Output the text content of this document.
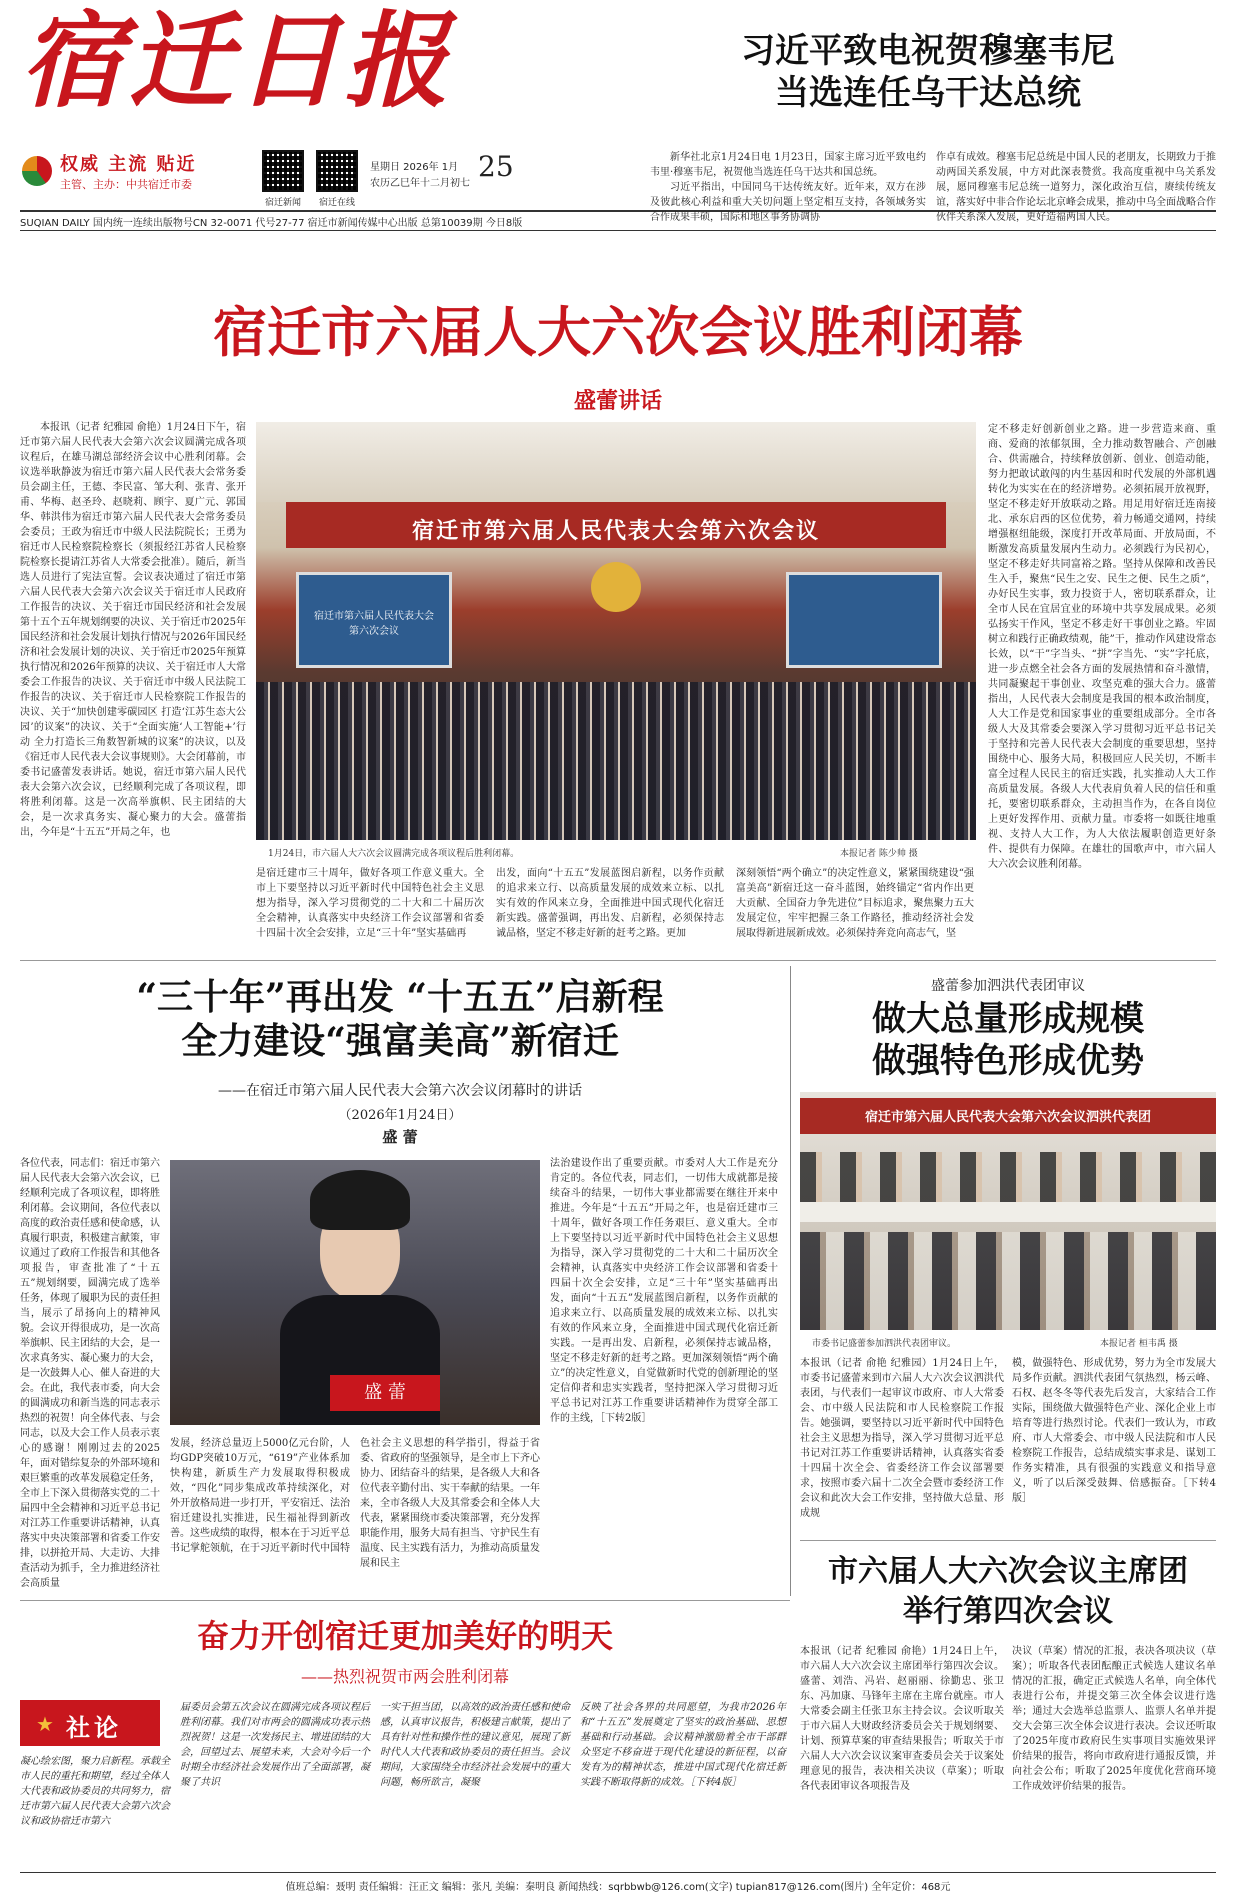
宿迁日报
权威 主流 贴近
主管、主办：中共宿迁市委
宿迁新闻	宿迁在线
星期日 2026年 1月
农历乙巳年十二月初七
25
SUQIAN DAILY 国内统一连续出版物号CN 32-0071 代号27-77 宿迁市新闻传媒中心出版 总第10039期 今日8版
习近平致电祝贺穆塞韦尼
当选连任乌干达总统

新华社北京1月24日电 1月23日，国家主席习近平致电约韦里·穆塞韦尼，祝贺他当选连任乌干达共和国总统。

习近平指出，中国同乌干达传统友好。近年来，双方在涉及彼此核心利益和重大关切问题上坚定相互支持，各领域务实合作成果丰硕，国际和地区事务协调协

作卓有成效。穆塞韦尼总统是中国人民的老朋友，长期致力于推动两国关系发展，中方对此深表赞赏。我高度重视中乌关系发展，愿同穆塞韦尼总统一道努力，深化政治互信，赓续传统友谊，落实好中非合作论坛北京峰会成果，推动中乌全面战略合作伙伴关系深入发展，更好造福两国人民。

宿迁市六届人大六次会议胜利闭幕
盛蕾讲话

本报讯（记者 纪雅园 俞艳）1月24日下午，宿迁市第六届人民代表大会第六次会议圆满完成各项议程后，在雄马湖总部经济会议中心胜利闭幕。会议选举耿静波为宿迁市第六届人民代表大会常务委员会副主任，王德、李民富、邹大利、张青、张开甫、华梅、赵圣玲、赵晓莉、顾宇、夏广元、郭国华、韩洪伟为宿迁市第六届人民代表大会常务委员会委员；王政为宿迁市中级人民法院院长；王勇为宿迁市人民检察院检察长（须报经江苏省人民检察院检察长提请江苏省人大常委会批准）。随后，新当选人员进行了宪法宣誓。会议表决通过了宿迁市第六届人民代表大会第六次会议关于宿迁市人民政府工作报告的决议、关于宿迁市国民经济和社会发展第十五个五年规划纲要的决议、关于宿迁市2025年国民经济和社会发展计划执行情况与2026年国民经济和社会发展计划的决议、关于宿迁市2025年预算执行情况和2026年预算的决议、关于宿迁市人大常委会工作报告的决议、关于宿迁市中级人民法院工作报告的决议、关于宿迁市人民检察院工作报告的决议、关于“加快创建零碳园区 打造‘江苏生态大公园’的议案”的决议、关于“全面实施‘人工智能+’行动 全力打造长三角数智新城的议案”的决议，以及《宿迁市人民代表大会议事规则》。大会闭幕前，市委书记盛蕾发表讲话。她说，宿迁市第六届人民代表大会第六次会议，已经顺利完成了各项议程，即将胜利闭幕。这是一次高举旗帜、民主团结的大会，是一次求真务实、凝心聚力的大会。盛蕾指出，今年是“十五五”开局之年，也

宿迁市第六届人民代表大会第六次会议
宿迁市第六届人民代表大会
第六次会议
1月24日，市六届人大六次会议圆满完成各项议程后胜利闭幕。	本报记者 陈少帅 摄

是宿迁建市三十周年，做好各项工作意义重大。全市上下要坚持以习近平新时代中国特色社会主义思想为指导，深入学习贯彻党的二十大和二十届历次全会精神，认真落实中央经济工作会议部署和省委十四届十次全会安排，立足“三十年”坚实基础再

出发，面向“十五五”发展蓝图启新程，以务作贡献的追求来立行、以高质量发展的成效来立标、以扎实有效的作风来立身，全面推进中国式现代化宿迁新实践。盛蕾强调，再出发、启新程，必须保持志诚品格，坚定不移走好新的赶考之路。更加

深刻领悟“两个确立”的决定性意义，紧紧围绕建设“强富美高”新宿迁这一奋斗蓝图，始终锚定“省内作出更大贡献、全国奋力争先进位”目标追求，聚焦聚力五大发展定位，牢牢把握三条工作路径，推动经济社会发展取得新进展新成效。必须保持奔竞向高志气，坚

定不移走好创新创业之路。进一步营造来商、重商、爱商的浓郁氛围，全力推动数智融合、产创融合、供需融合，持续释放创新、创业、创造动能，努力把敢试敢闯的内生基因和时代发展的外部机遇转化为实实在在的经济增势。必须拓展开放视野，坚定不移走好开放联动之路。用足用好宿迁连南接北、承东启西的区位优势，着力畅通交通网，持续增强枢纽能级，深度打开改革局面、开放局面，不断激发高质量发展内生动力。必须践行为民初心，坚定不移走好共同富裕之路。坚持从保障和改善民生入手，聚焦“民生之安、民生之便、民生之质”，办好民生实事，致力投资于人，密切联系群众，让全市人民在宜居宜业的环境中共享发展成果。必须弘扬实干作风，坚定不移走好干事创业之路。牢固树立和践行正确政绩观，能”干，推动作风建设常态长效，以“干”字当头、“拼”字当先、“实”字托底，进一步点燃全社会各方面的发展热情和奋斗激情，共同凝聚起干事创业、攻坚克难的强大合力。盛蕾指出，人民代表大会制度是我国的根本政治制度，人大工作是党和国家事业的重要组成部分。全市各级人大及其常委会要深入学习贯彻习近平总书记关于坚持和完善人民代表大会制度的重要思想，坚持围绕中心、服务大局，积极回应人民关切，不断丰富全过程人民民主的宿迁实践，扎实推动人大工作高质量发展。各级人大代表肩负着人民的信任和重托，要密切联系群众，主动担当作为，在各自岗位上更好发挥作用、贡献力量。市委将一如既往地重视、支持人大工作，为人大依法履职创造更好条件、提供有力保障。在雄壮的国歌声中，市六届人大六次会议胜利闭幕。

“三十年”再出发 “十五五”启新程
全力建设“强富美高”新宿迁
——在宿迁市第六届人民代表大会第六次会议闭幕时的讲话
（2026年1月24日）
盛 蕾

各位代表，同志们：宿迁市第六届人民代表大会第六次会议，已经顺利完成了各项议程，即将胜利闭幕。会议期间，各位代表以高度的政治责任感和使命感，认真履行职责，积极建言献策，审议通过了政府工作报告和其他各项报告，审查批准了“十五五”规划纲要，圆满完成了选举任务，体现了履职为民的责任担当，展示了昂扬向上的精神风貌。会议开得很成功，是一次高举旗帜、民主团结的大会，是一次求真务实、凝心聚力的大会，是一次鼓舞人心、催人奋进的大会。在此，我代表市委，向大会的圆满成功和新当选的同志表示热烈的祝贺！向全体代表、与会同志，以及大会工作人员表示衷心的感谢！刚刚过去的2025年，面对错综复杂的外部环境和艰巨繁重的改革发展稳定任务，全市上下深入贯彻落实党的二十届四中全会精神和习近平总书记对江苏工作重要讲话精神，认真落实中央决策部署和省委工作安排，以拼抢开局、大走访、大排查活动为抓手，全力推进经济社会高质量

盛 蕾

发展，经济总量迈上5000亿元台阶，人均GDP突破10万元，“619”产业体系加快构建，新质生产力发展取得积极成效，“四化”同步集成改革持续深化，对外开放格局进一步打开，平安宿迁、法治宿迁建设扎实推进，民生福祉得到新改善。这些成绩的取得，根本在于习近平总书记掌舵领航，在于习近平新时代中国特

色社会主义思想的科学指引，得益于省委、省政府的坚强领导，是全市上下齐心协力、团结奋斗的结果，是各级人大和各位代表辛勤付出、实干奉献的结果。一年来，全市各级人大及其常委会和全体人大代表，紧紧围绕市委决策部署，充分发挥职能作用，服务大局有担当、守护民生有温度、民主实践有活力，为推动高质量发展和民主

法治建设作出了重要贡献。市委对人大工作是充分肯定的。各位代表，同志们，一切伟大成就都是接续奋斗的结果，一切伟大事业都需要在继往开来中推进。今年是“十五五”开局之年，也是宿迁建市三十周年，做好各项工作任务艰巨、意义重大。全市上下要坚持以习近平新时代中国特色社会主义思想为指导，深入学习贯彻党的二十大和二十届历次全会精神，认真落实中央经济工作会议部署和省委十四届十次全会安排，立足“三十年”坚实基础再出发，面向“十五五”发展蓝图启新程，以务作贡献的追求来立行、以高质量发展的成效来立标、以扎实有效的作风来立身，全面推进中国式现代化宿迁新实践。一是再出发、启新程，必须保持志诚品格，坚定不移走好新的赶考之路。更加深刻领悟“两个确立”的决定性意义，自觉做新时代党的创新理论的坚定信仰者和忠实实践者，坚持把深入学习贯彻习近平总书记对江苏工作重要讲话精神作为贯穿全部工作的主线，［下转2版］

盛蕾参加泗洪代表团审议
做大总量形成规模
做强特色形成优势
宿迁市第六届人民代表大会第六次会议泗洪代表团
市委书记盛蕾参加泗洪代表团审议。	本报记者 桓韦禹 摄

本报讯（记者 俞艳 纪雅园）1月24日上午，市委书记盛蕾来到市六届人大六次会议泗洪代表团，与代表们一起审议市政府、市人大常委会、市中级人民法院和市人民检察院工作报告。她强调，要坚持以习近平新时代中国特色社会主义思想为指导，深入学习贯彻习近平总书记对江苏工作重要讲话精神，认真落实省委十四届十次全会、省委经济工作会议部署要求，按照市委六届十二次全会暨市委经济工作会议和此次大会工作安排，坚持做大总量、形成规

模，做强特色、形成优势，努力为全市发展大局多作贡献。泗洪代表团气氛热烈，杨云峰、石权、赵冬冬等代表先后发言，大家结合工作实际，围绕做大做强特色产业、深化企业上市培育等进行热烈讨论。代表们一致认为，市政府、市人大常委会、市中级人民法院和市人民检察院工作报告，总结成绩实事求是、谋划工作务实精准，具有很强的实践意义和指导意义，听了以后深受鼓舞、倍感振奋。［下转4版］

市六届人大六次会议主席团
举行第四次会议

本报讯（记者 纪雅园 俞艳）1月24日上午，市六届人大六次会议主席团举行第四次会议。盛蕾、刘浩、冯岩、赵丽丽、徐勤忠、张卫东、冯加康、马锋年主席在主席台就座。市人大常委会副主任张卫东主持会议。会议听取关于市六届人大财政经济委员会关于规划纲要、计划、预算草案的审查结果报告；听取关于市六届人大六次会议议案审查委员会关于议案处理意见的报告，表决相关决议（草案）；听取各代表团审议各项报告及

决议（草案）情况的汇报，表决各项决议（草案）；听取各代表团酝酿正式候选人建议名单情况的汇报，确定正式候选人名单，向全体代表进行公布，并提交第三次全体会议进行选举；通过大会选举总监票人、监票人名单并提交大会第三次全体会议进行表决。会议还听取了2025年度市政府民生实事项目实施效果评价结果的报告，将向市政府进行通报反馈，并向社会公布；听取了2025年度优化营商环境工作成效评价结果的报告。

奋力开创宿迁更加美好的明天
——热烈祝贺市两会胜利闭幕
★ 社论

凝心绘宏图，聚力启新程。承载全市人民的重托和期望，经过全体人大代表和政协委员的共同努力，宿迁市第六届人民代表大会第六次会议和政协宿迁市第六

届委员会第五次会议在圆满完成各项议程后胜利闭幕。我们对市两会的圆满成功表示热烈祝贺！这是一次发扬民主、增进团结的大会，回望过去、展望未来，大会对今后一个时期全市经济社会发展作出了全面部署，凝聚了共识

一实干担当团，以高效的政治责任感和使命感，认真审议报告，积极建言献策，提出了具有针对性和操作性的建议意见，展现了新时代人大代表和政协委员的责任担当。会议期间，大家围绕全市经济社会发展中的重大问题，畅所欲言，凝聚

反映了社会各界的共同愿望，为我市2026年和“十五五”发展奠定了坚实的政治基础、思想基础和行动基础。会议精神激励着全市干部群众坚定不移奋进于现代化建设的新征程，以奋发有为的精神状态，推进中国式现代化宿迁新实践不断取得新的成效。［下转4版］

值班总编：聂明 责任编辑：汪正文 编辑：张凡 美编：秦明良 新闻热线：sqrbbwb@126.com(文字) tupian817@126.com(图片) 全年定价：468元
